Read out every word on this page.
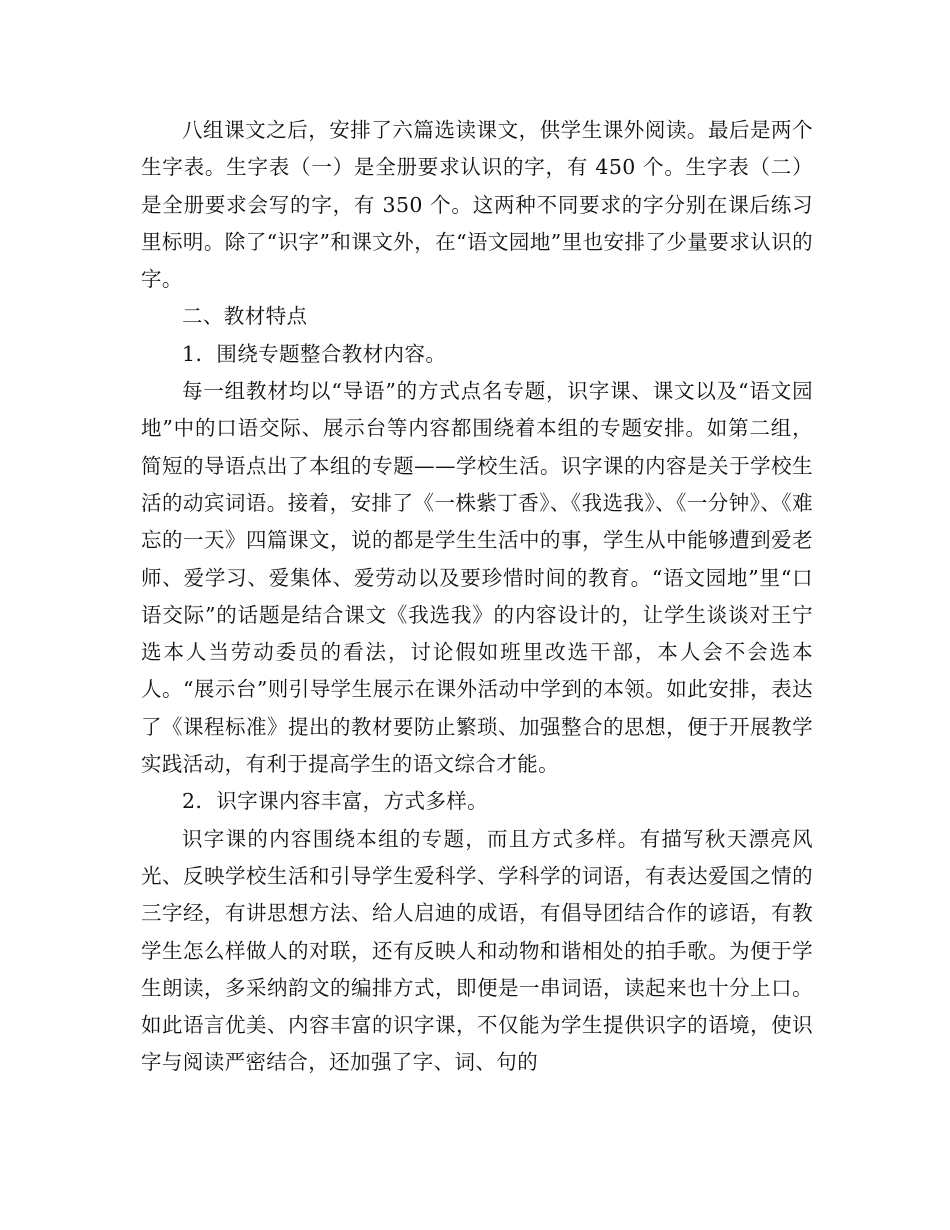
八组课文之后，安排了六篇选读课文，供学生课外阅读。最后是两个生字表。生字表（一）是全册要求认识的字，有 450 个。生字表（二）是全册要求会写的字，有 350 个。这两种不同要求的字分别在课后练习里标明。除了“识字”和课文外，在“语文园地”里也安排了少量要求认识的字。

二、教材特点

1．围绕专题整合教材内容。

每一组教材均以“导语”的方式点名专题，识字课、课文以及“语文园地”中的口语交际、展示台等内容都围绕着本组的专题安排。如第二组，简短的导语点出了本组的专题——学校生活。识字课的内容是关于学校生活的动宾词语。接着，安排了《一株紫丁香》、《我选我》、《一分钟》、《难忘的一天》四篇课文，说的都是学生生活中的事，学生从中能够遭到爱老师、爱学习、爱集体、爱劳动以及要珍惜时间的教育。“语文园地”里“口语交际”的话题是结合课文《我选我》的内容设计的，让学生谈谈对王宁选本人当劳动委员的看法，讨论假如班里改选干部，本人会不会选本人。“展示台”则引导学生展示在课外活动中学到的本领。如此安排，表达了《课程标准》提出的教材要防止繁琐、加强整合的思想，便于开展教学实践活动，有利于提高学生的语文综合才能。

2．识字课内容丰富，方式多样。

识字课的内容围绕本组的专题，而且方式多样。有描写秋天漂亮风光、反映学校生活和引导学生爱科学、学科学的词语，有表达爱国之情的三字经，有讲思想方法、给人启迪的成语，有倡导团结合作的谚语，有教学生怎么样做人的对联，还有反映人和动物和谐相处的拍手歌。为便于学生朗读，多采纳韵文的编排方式，即便是一串词语，读起来也十分上口。如此语言优美、内容丰富的识字课，不仅能为学生提供识字的语境，使识字与阅读严密结合，还加强了字、词、句的
